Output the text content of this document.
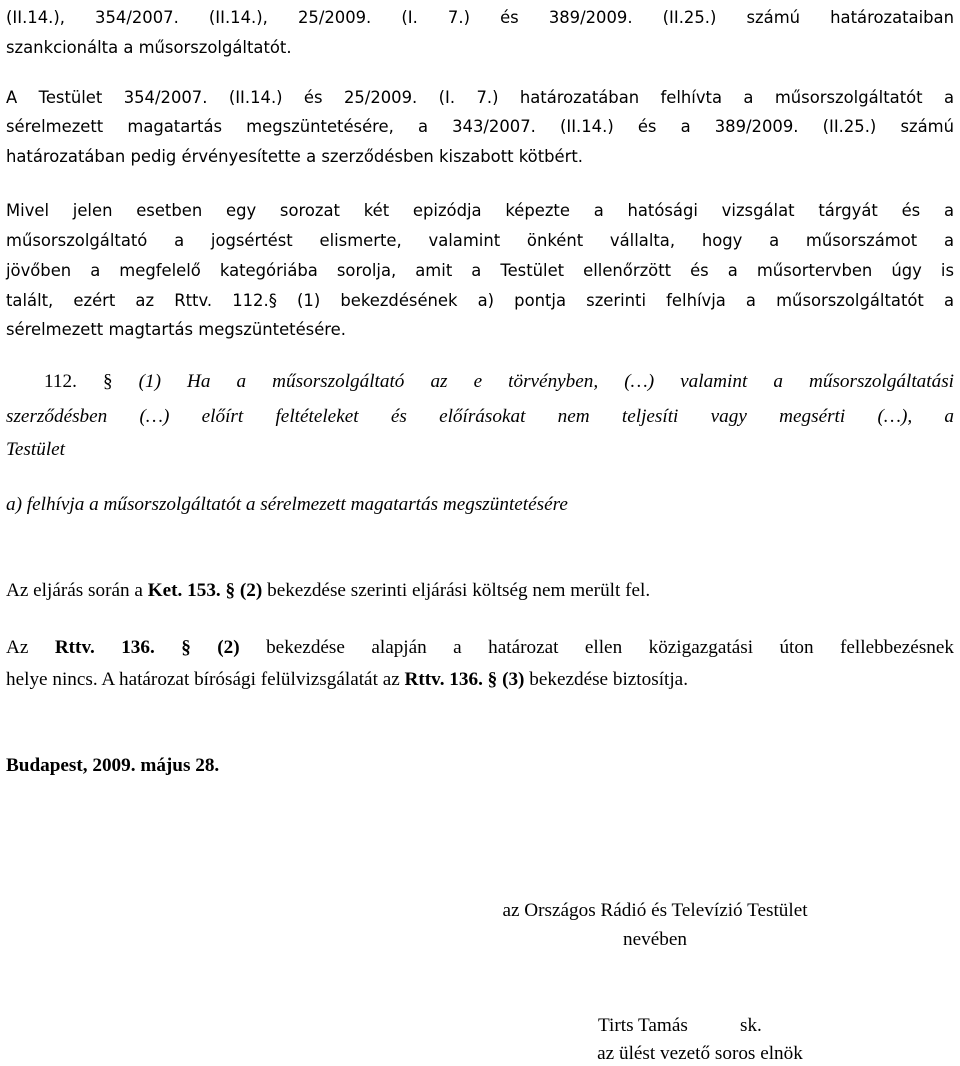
(II.14.), 354/2007. (II.14.), 25/2009. (I. 7.) és 389/2009. (II.25.) számú határozataiban
szankcionálta a műsorszolgáltatót.
A Testület 354/2007. (II.14.) és 25/2009. (I. 7.) határozatában felhívta a műsorszolgáltatót a
sérelmezett magatartás megszüntetésére, a 343/2007. (II.14.) és a 389/2009. (II.25.) számú
határozatában pedig érvényesítette a szerződésben kiszabott kötbért.
Mivel jelen esetben egy sorozat két epizódja képezte a hatósági vizsgálat tárgyát és a
műsorszolgáltató a jogsértést elismerte, valamint önként vállalta, hogy a műsorszámot a
jövőben a megfelelő kategóriába sorolja, amit a Testület ellenőrzött és a műsortervben úgy is
talált, ezért az Rttv. 112.§ (1) bekezdésének a) pontja szerinti felhívja a műsorszolgáltatót a
sérelmezett magtartás megszüntetésére.
112. § (1) Ha a műsorszolgáltató az e törvényben, (…) valamint a műsorszolgáltatási
szerződésben (…) előírt feltételeket és előírásokat nem teljesíti vagy megsérti (…), a
Testület
a) felhívja a műsorszolgáltatót a sérelmezett magatartás megszüntetésére
Az eljárás során a Ket. 153. § (2) bekezdése szerinti eljárási költség nem merült fel.
Az Rttv. 136. § (2) bekezdése alapján a határozat ellen közigazgatási úton fellebbezésnek
helye nincs. A határozat bírósági felülvizsgálatát az Rttv. 136. § (3) bekezdése biztosítja.
Budapest, 2009. május 28.
az Országos Rádió és Televízió Testület
nevében
Tirts Tamás	sk.
az ülést vezető soros elnök
